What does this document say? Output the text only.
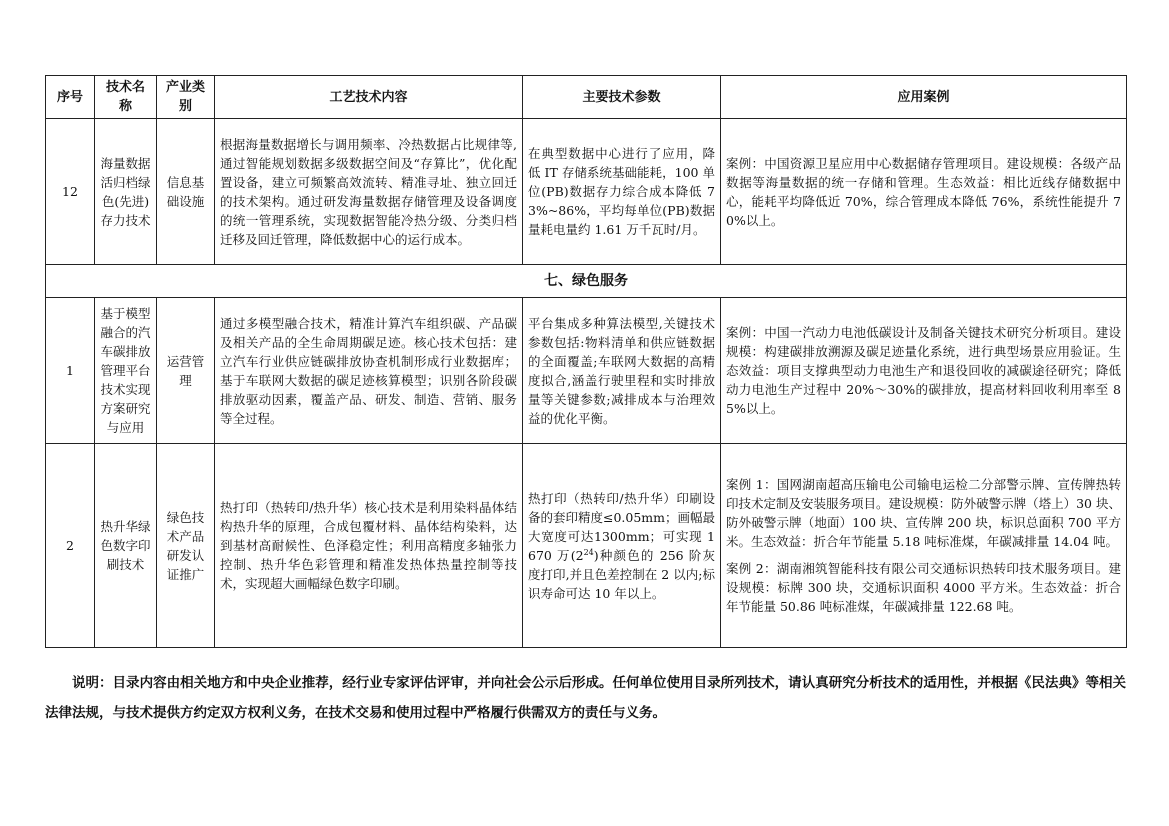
序号	技术名称	产业类别	工艺技术内容	主要技术参数	应用案例
12	海量数据活归档绿色(先进)存力技术	信息基础设施	根据海量数据增长与调用频率、冷热数据占比规律等,通过智能规划数据多级数据空间及“存算比”，优化配置设备，建立可频繁高效流转、精准寻址、独立回迁的技术架构。通过研发海量数据存储管理及设备调度的统一管理系统，实现数据智能冷热分级、分类归档迁移及回迁管理，降低数据中心的运行成本。	在典型数据中心进行了应用，降低 IT 存储系统基础能耗，100 单位(PB)数据存力综合成本降低 73%~86%，平均每单位(PB)数据量耗电量约 1.61 万千瓦时/月。	案例：中国资源卫星应用中心数据储存管理项目。建设规模：各级产品数据等海量数据的统一存储和管理。生态效益：相比近线存储数据中心，能耗平均降低近 70%，综合管理成本降低 76%，系统性能提升 70%以上。
七、绿色服务					
1	基于模型融合的汽车碳排放管理平台技术实现方案研究与应用	运营管理	通过多模型融合技术，精准计算汽车组织碳、产品碳及相关产品的全生命周期碳足迹。核心技术包括：建立汽车行业供应链碳排放协查机制形成行业数据库；基于车联网大数据的碳足迹核算模型；识别各阶段碳排放驱动因素，覆盖产品、研发、制造、营销、服务等全过程。	平台集成多种算法模型,关键技术参数包括:物料清单和供应链数据的全面覆盖;车联网大数据的高精度拟合,涵盖行驶里程和实时排放量等关键参数;减排成本与治理效益的优化平衡。	案例：中国一汽动力电池低碳设计及制备关键技术研究分析项目。建设规模：构建碳排放溯源及碳足迹量化系统，进行典型场景应用验证。生态效益：项目支撑典型动力电池生产和退役回收的减碳途径研究；降低动力电池生产过程中 20%～30%的碳排放，提高材料回收利用率至 85%以上。
2	热升华绿色数字印刷技术	绿色技术产品研发认证推广	热打印（热转印/热升华）核心技术是利用染料晶体结构热升华的原理，合成包覆材料、晶体结构染料，达到基材高耐候性、色泽稳定性；利用高精度多轴张力控制、热升华色彩管理和精准发热体热量控制等技术，实现超大画幅绿色数字印刷。	热打印（热转印/热升华）印刷设备的套印精度≤0.05mm；画幅最大宽度可达1300mm；可实现 1670 万$(2^{24})$种颜色的 256 阶灰度打印,并且色差控制在 2 以内;标识寿命可达 10 年以上。	案例 1：国网湖南超高压输电公司输电运检二分部警示牌、宣传牌热转印技术定制及安装服务项目。建设规模：防外破警示牌（塔上）30 块、防外破警示牌（地面）100 块、宣传牌 200 块，标识总面积 700 平方米。生态效益：折合年节能量 5.18 吨标准煤，年碳减排量 14.04 吨。

案例 2：湖南湘筑智能科技有限公司交通标识热转印技术服务项目。建设规模：标牌 300 块，交通标识面积 4000 平方米。生态效益：折合年节能量 50.86 吨标准煤，年碳减排量 122.68 吨。

说明：目录内容由相关地方和中央企业推荐，经行业专家评估评审，并向社会公示后形成。任何单位使用目录所列技术，请认真研究分析技术的适用性，并根据《民法典》等相关法律法规，与技术提供方约定双方权利义务，在技术交易和使用过程中严格履行供需双方的责任与义务。
